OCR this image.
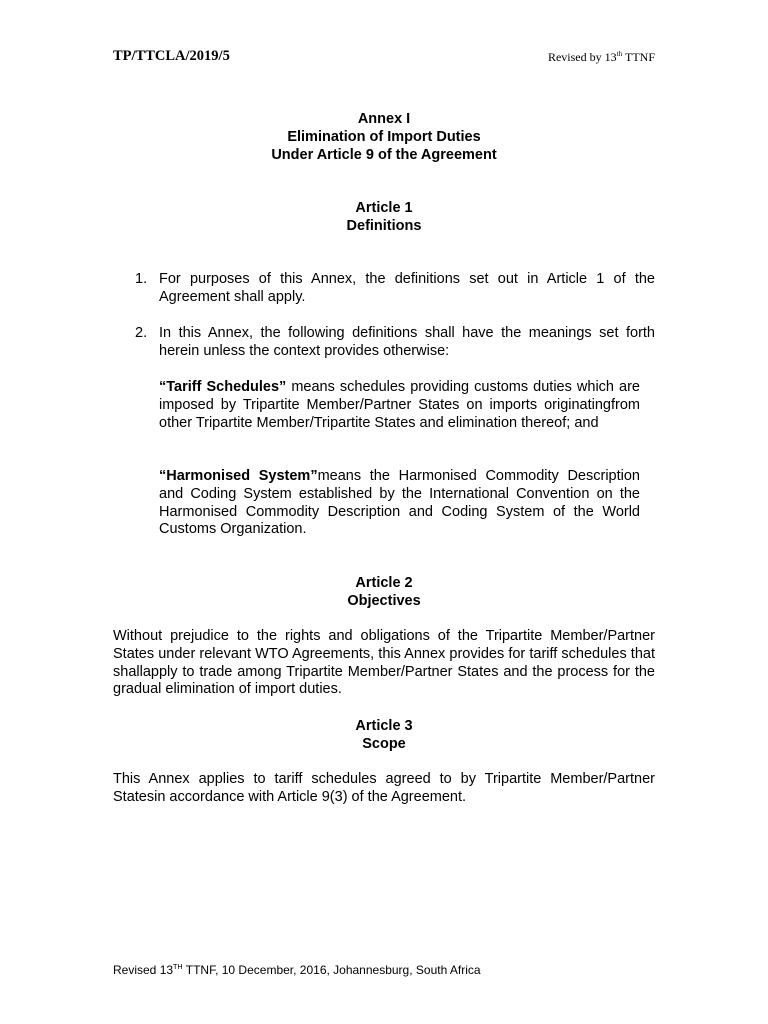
TP/TTCLA/2019/5	Revised by 13th TTNF
Annex I
Elimination of Import Duties
Under Article 9 of the Agreement
Article 1
Definitions
1. For purposes of this Annex, the definitions set out in Article 1 of the Agreement shall apply.
2. In this Annex, the following definitions shall have the meanings set forth herein unless the context provides otherwise:
“Tariff Schedules” means schedules providing customs duties which are imposed by Tripartite Member/Partner States on imports originatingfrom other Tripartite Member/Tripartite States and elimination thereof; and
“Harmonised System”means the Harmonised Commodity Description and Coding System established by the International Convention on the Harmonised Commodity Description and Coding System of the World Customs Organization.
Article 2
Objectives
Without prejudice to the rights and obligations of the Tripartite Member/Partner States under relevant WTO Agreements, this Annex provides for tariff schedules that shallapply to trade among Tripartite Member/Partner States and the process for the gradual elimination of import duties.
Article 3
Scope
This Annex applies to tariff schedules agreed to by Tripartite Member/Partner Statesin accordance with Article 9(3) of the Agreement.
Revised 13TH TTNF, 10 December, 2016, Johannesburg, South Africa
